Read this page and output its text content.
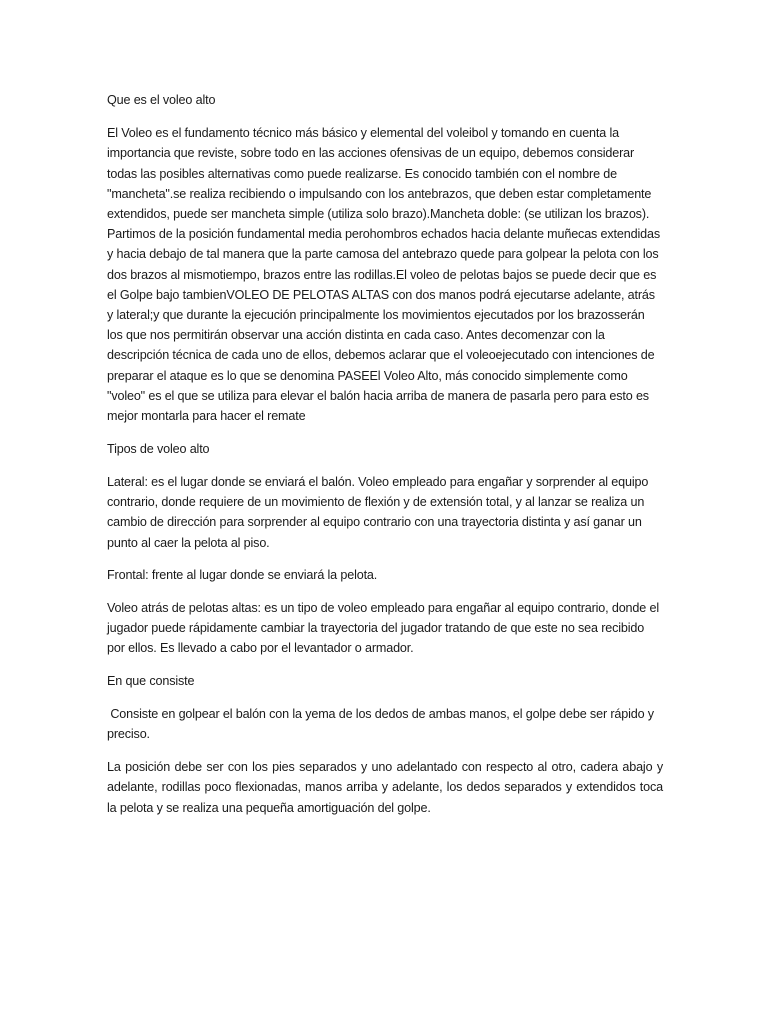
Que es el voleo alto

El Voleo es el fundamento técnico más básico y elemental del voleibol y tomando en cuenta la importancia que reviste, sobre todo en las acciones ofensivas de un equipo, debemos considerar todas las posibles alternativas como puede realizarse. Es conocido también con el nombre de "mancheta".se realiza recibiendo o impulsando con los antebrazos, que deben estar completamente extendidos, puede ser mancheta simple (utiliza solo brazo).Mancheta doble: (se utilizan los brazos). Partimos de la posición fundamental media perohombros echados hacia delante muñecas extendidas y hacia debajo de tal manera que la parte camosa del antebrazo quede para golpear la pelota con los dos brazos al mismotiempo, brazos entre las rodillas.El voleo de pelotas bajos se puede decir que es el Golpe bajo tambienVOLEO DE PELOTAS ALTAS con dos manos podrá ejecutarse adelante, atrás y lateral;y que durante la ejecución principalmente los movimientos ejecutados por los brazosserán los que nos permitirán observar una acción distinta en cada caso. Antes decomenzar con la descripción técnica de cada uno de ellos, debemos aclarar que el voleoejecutado con intenciones de preparar el ataque es lo que se denomina PASEEl Voleo Alto, más conocido simplemente como "voleo" es el que se utiliza para elevar el balón hacia arriba de manera de pasarla pero para esto es mejor montarla para hacer el remate

Tipos de voleo alto

Lateral: es el lugar donde se enviará el balón. Voleo empleado para engañar y sorprender al equipo contrario, donde requiere de un movimiento de flexión y de extensión total, y al lanzar se realiza un cambio de dirección para sorprender al equipo contrario con una trayectoria distinta y así ganar un punto al caer la pelota al piso.

Frontal: frente al lugar donde se enviará la pelota.

Voleo atrás de pelotas altas: es un tipo de voleo empleado para engañar al equipo contrario, donde el jugador puede rápidamente cambiar la trayectoria del jugador tratando de que este no sea recibido por ellos. Es llevado a cabo por el levantador o armador.

En que consiste

Consiste en golpear el balón con la yema de los dedos de ambas manos, el golpe debe ser rápido y preciso.

La posición debe ser con los pies separados y uno adelantado con respecto al otro, cadera abajo y adelante, rodillas poco flexionadas, manos arriba y adelante, los dedos separados y extendidos toca la pelota y se realiza una pequeña amortiguación del golpe.
